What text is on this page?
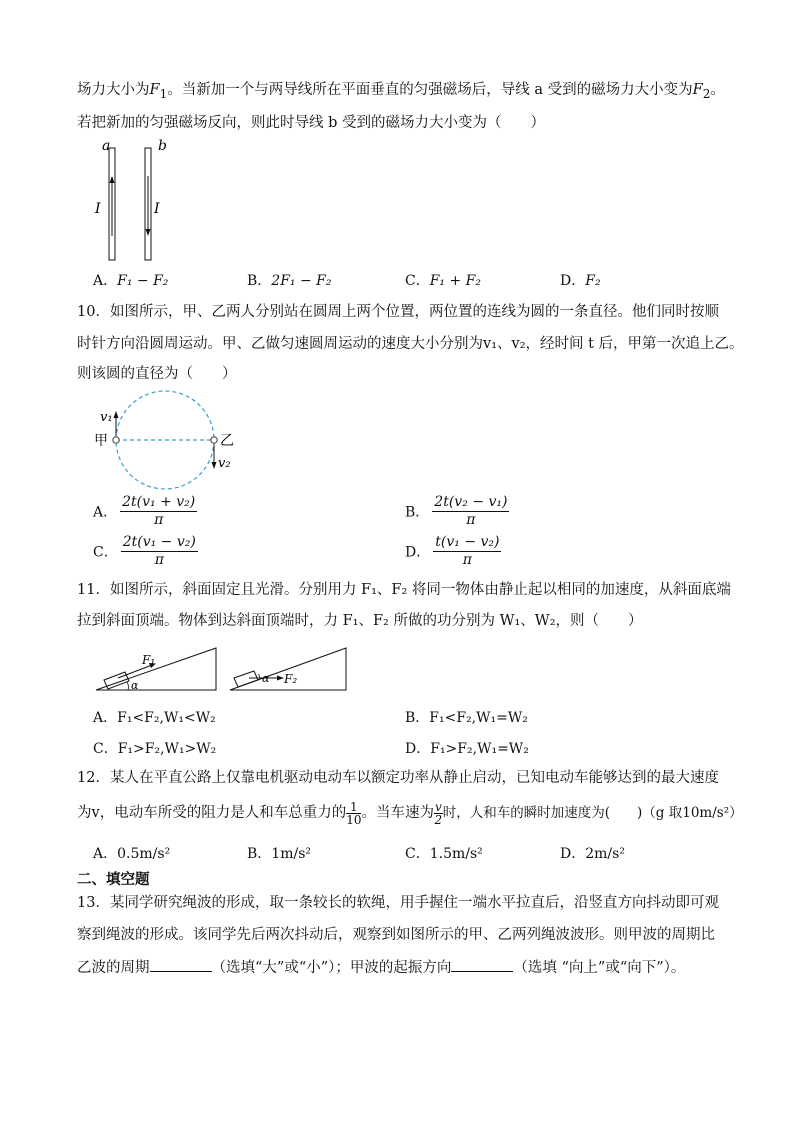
场力大小为$F_1$。当新加一个与两导线所在平面垂直的匀强磁场后，导线 a 受到的磁场力大小变为$F_2$。
若把新加的匀强磁场反向，则此时导线 b 受到的磁场力大小变为（　　）
a	b
I	I
A．F₁ − F₂	B．2F₁ − F₂	C．F₁ + F₂	D．F₂
10．如图所示，甲、乙两人分别站在圆周上两个位置，两位置的连线为圆的一条直径。他们同时按顺
时针方向沿圆周运动。甲、乙做匀速圆周运动的速度大小分别为v₁、v₂，经时间 t 后，甲第一次追上乙。
则该圆的直径为（　　）
v₁
甲	乙
v₂
A． $\frac{\text{2t(v₁ + v₂)}}{\pi}$	B． $\frac{\text{2t(v₂ − v₁)}}{\pi}$
C． $\frac{\text{2t(v₁ − v₂)}}{\pi}$	D． $\frac{\text{t(v₁ − v₂)}}{\pi}$
11．如图所示，斜面固定且光滑。分别用力 F₁、F₂ 将同一物体由静止起以相同的加速度，从斜面底端
拉到斜面顶端。物体到达斜面顶端时，力 F₁、F₂ 所做的功分别为 W₁、W₂，则（　　）
F₁
α	F₂
α
A．F₁<F₂,W₁<W₂	B．F₁<F₂,W₁=W₂
C．F₁>F₂,W₁>W₂	D．F₁>F₂,W₁=W₂
12．某人在平直公路上仅靠电机驱动电动车以额定功率从静止启动，已知电动车能够达到的最大速度
为v，电动车所受的阻力是人和车总重力的 $\frac{1}{10}$ 。当车速为 $\frac{v}{2}$ 时，人和车的瞬时加速度为(　　)（g 取10m/s²）
A．0.5m/s²	B．1m/s²	C．1.5m/s²	D．2m/s²
二、填空题
13．某同学研究绳波的形成，取一条较长的软绳，用手握住一端水平拉直后，沿竖直方向抖动即可观
察到绳波的形成。该同学先后两次抖动后，观察到如图所示的甲、乙两列绳波波形。则甲波的周期比
乙波的周期	（选填“大”或“小”）；甲波的起振方向	（选填 “向上”或“向下”）。
